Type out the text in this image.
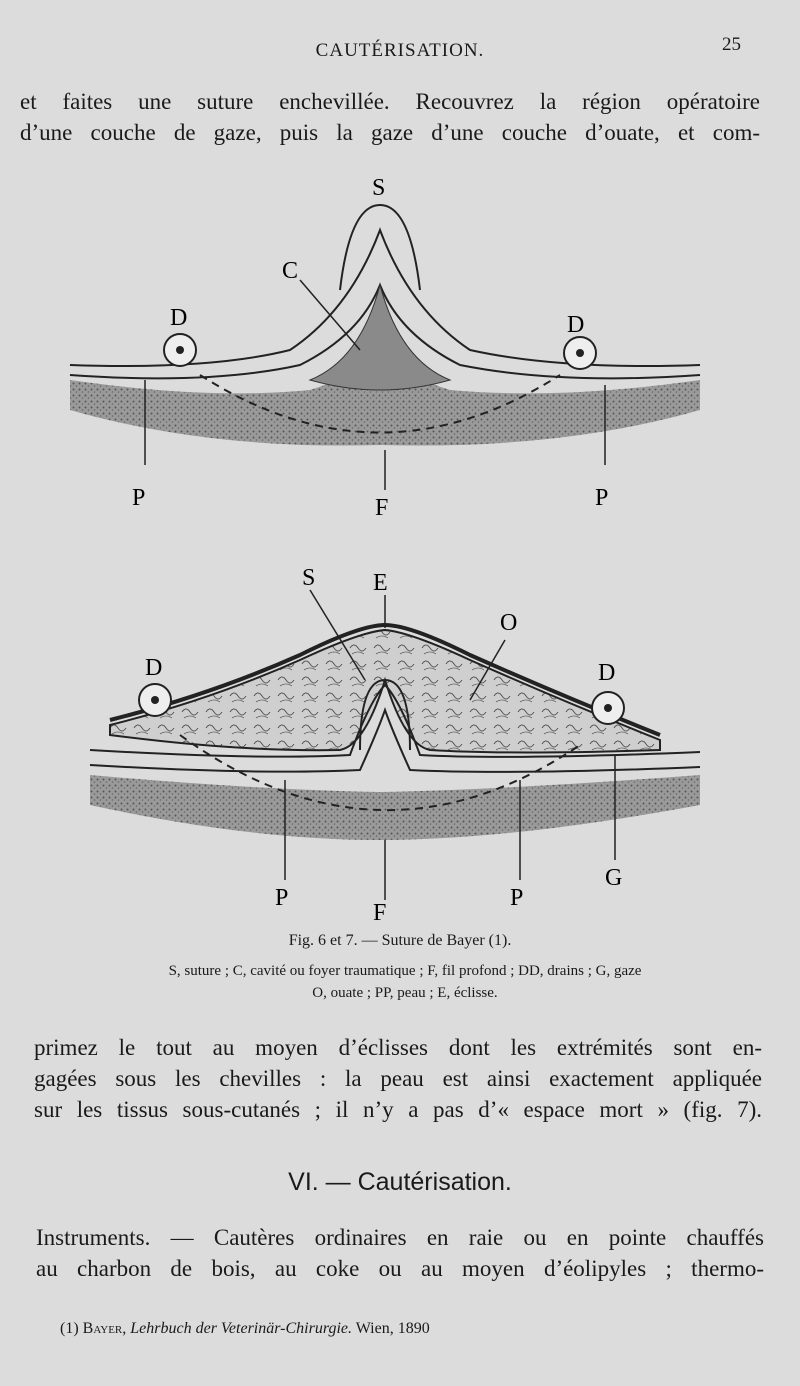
CAUTÉRISATION.	25

et faites une suture enchevillée. Recouvrez la région opératoire
d’une couche de gaze, puis la gaze d’une couche d’ouate, et com-

S
C
D	D
P	F	P
S E
O
D	D
P
F
P
G
Fig. 6 et 7. — Suture de Bayer (1).
S, suture ; C, cavité ou foyer traumatique ; F, fil profond ; DD, drains ; G, gaze
O, ouate ; PP, peau ; E, éclisse.

primez le tout au moyen d’éclisses dont les extrémités sont en-
gagées sous les chevilles : la peau est ainsi exactement appliquée
sur les tissus sous-cutanés ; il n’y a pas d’« espace mort » (fig. 7).

VI. — Cautérisation.

Instruments. — Cautères ordinaires en raie ou en pointe chauffés
au charbon de bois, au coke ou au moyen d’éolipyles ; thermo-

(1) Bayer, Lehrbuch der Veterinär-Chirurgie. Wien, 1890
